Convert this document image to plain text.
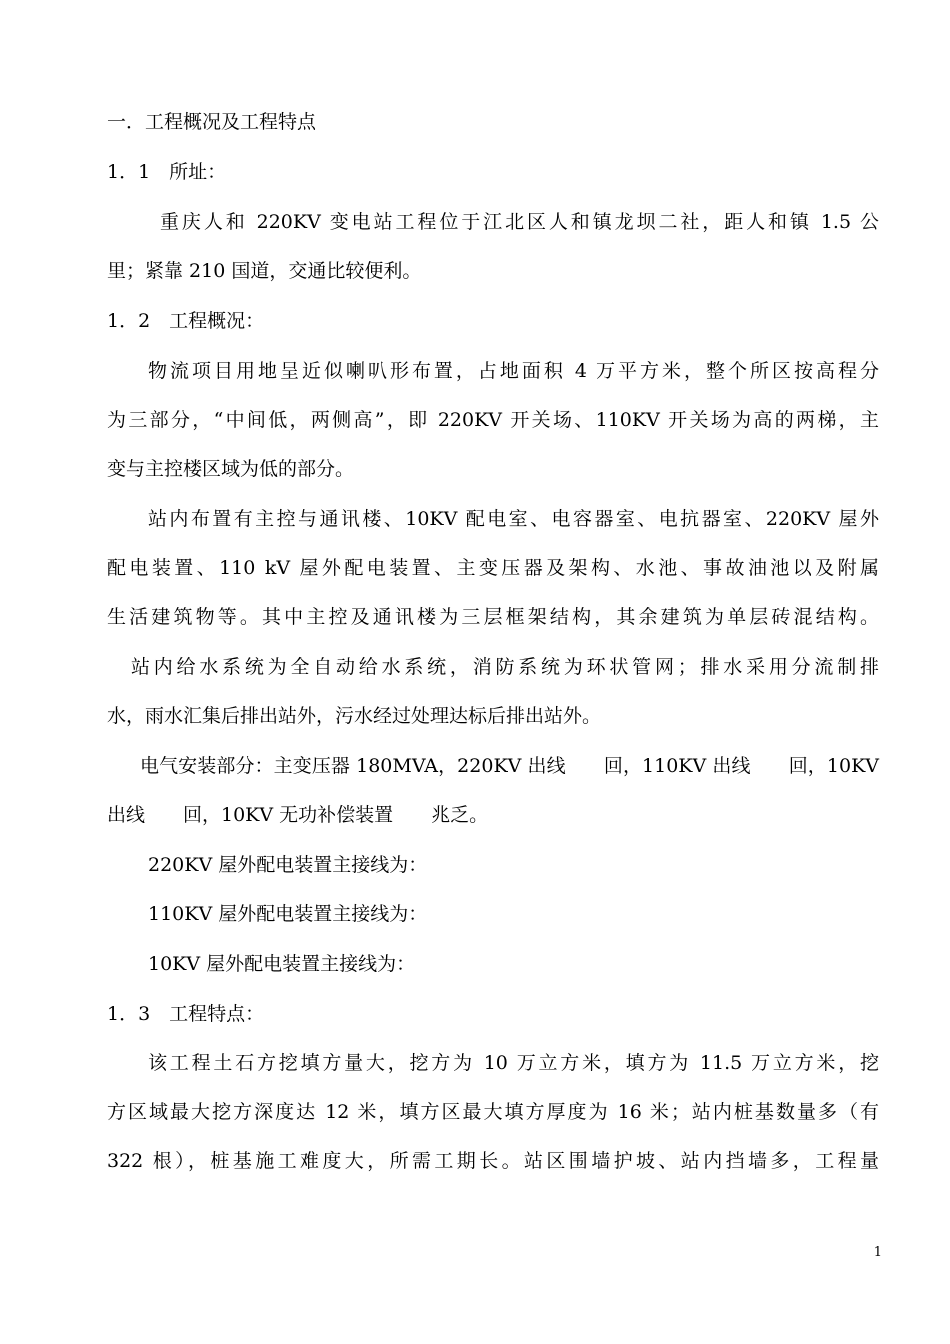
一．工程概况及工程特点
1．1　所址：
重庆人和 220KV 变电站工程位于江北区人和镇龙坝二社，距人和镇 1.5 公
里；紧靠 210 国道，交通比较便利。
1．2　工程概况：
物流项目用地呈近似喇叭形布置，占地面积 4 万平方米，整个所区按高程分
为三部分，“中间低，两侧高”，即 220KV 开关场、110KV 开关场为高的两梯，主
变与主控楼区域为低的部分。
站内布置有主控与通讯楼、10KV 配电室、电容器室、电抗器室、220KV 屋外
配电装置、110 kV 屋外配电装置、主变压器及架构、水池、事故油池以及附属
生活建筑物等。其中主控及通讯楼为三层框架结构，其余建筑为单层砖混结构。
站内给水系统为全自动给水系统，消防系统为环状管网；排水采用分流制排
水，雨水汇集后排出站外，污水经过处理达标后排出站外。
电气安装部分：主变压器 180MVA，220KV 出线　　回，110KV 出线　　回，10KV
出线　　回，10KV 无功补偿装置　　兆乏。
220KV 屋外配电装置主接线为：
110KV 屋外配电装置主接线为：
10KV 屋外配电装置主接线为：
1．3　工程特点：
该工程土石方挖填方量大，挖方为 10 万立方米，填方为 11.5 万立方米，挖
方区域最大挖方深度达 12 米，填方区最大填方厚度为 16 米；站内桩基数量多（有
322 根），桩基施工难度大，所需工期长。站区围墙护坡、站内挡墙多，工程量
1
